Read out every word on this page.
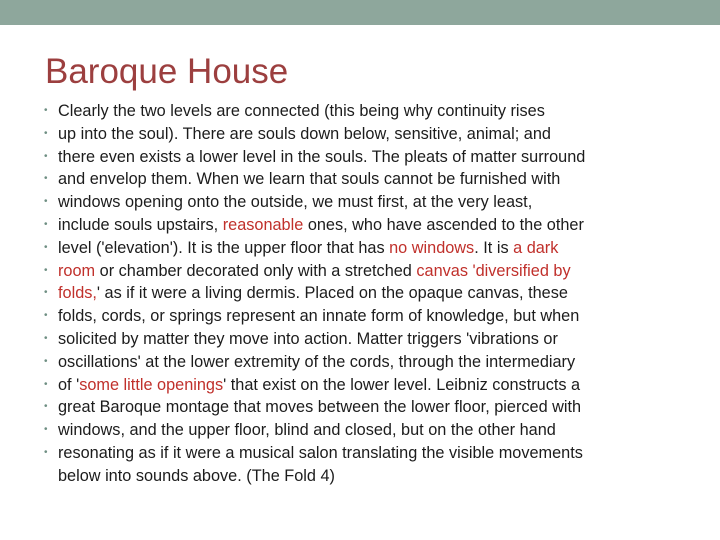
Baroque House
• Clearly the two levels are connected (this being why continuity rises
• up into the soul). There are souls down below, sensitive, animal; and
• there even exists a lower level in the souls. The pleats of matter surround
• and envelop them. When we learn that souls cannot be furnished with
• windows opening onto the outside, we must first, at the very least,
• include souls upstairs, reasonable ones, who have ascended to the other
• level ('elevation'). It is the upper floor that has no windows. It is a dark
• room or chamber decorated only with a stretched canvas 'diversified by
• folds,' as if it were a living dermis. Placed on the opaque canvas, these
• folds, cords, or springs represent an innate form of knowledge, but when
• solicited by matter they move into action. Matter triggers 'vibrations or
• oscillations' at the lower extremity of the cords, through the intermediary
• of 'some little openings' that exist on the lower level. Leibniz constructs a
• great Baroque montage that moves between the lower floor, pierced with
• windows, and the upper floor, blind and closed, but on the other hand
• resonating as if it were a musical salon translating the visible movements
below into sounds above. (The Fold 4)
